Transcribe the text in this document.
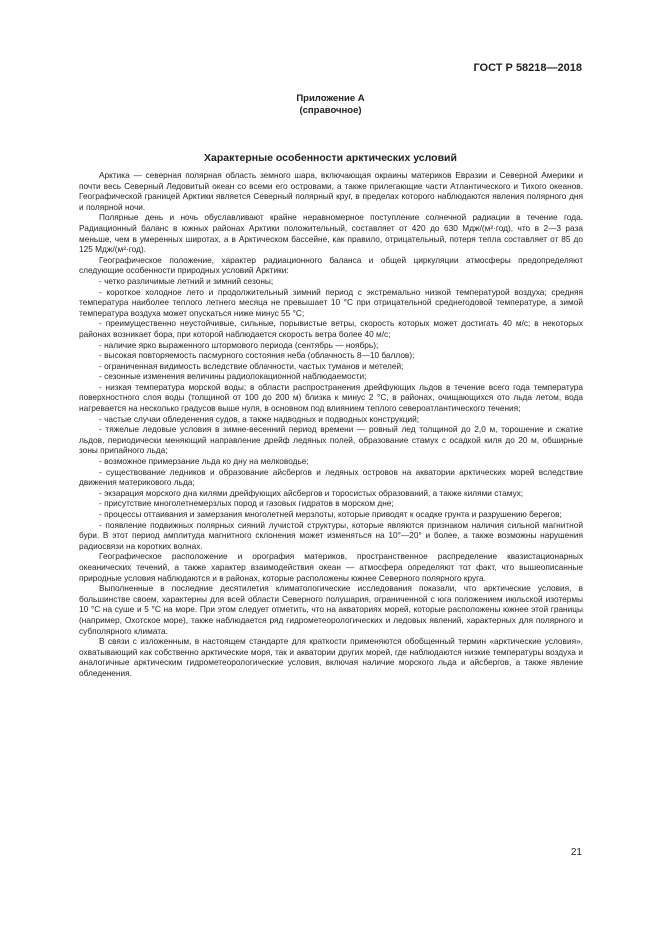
ГОСТ Р 58218—2018
Приложение А
(справочное)
Характерные особенности арктических условий

Арктика — северная полярная область земного шара, включающая окраины материков Евразии и Северной Америки и почти весь Северный Ледовитый океан со всеми его островами, а также прилегающие части Атлантического и Тихого океанов. Географической границей Арктики является Северный полярный круг, в пределах которого наблюдаются явления полярного дня и полярной ночи.

Полярные день и ночь обуславливают крайне неравномерное поступление солнечной радиации в течение года. Радиационный баланс в южных районах Арктики положительный, составляет от 420 до 630 Мдж/(м²·год), что в 2—3 раза меньше, чем в умеренных широтах, а в Арктическом бассейне, как правило, отрицательный, потеря тепла составляет от 85 до 125 Мдж/(м²·год).

Географическое положение, характер радиационного баланса и общей циркуляции атмосферы предопределяют следующие особенности природных условий Арктики:

- четко различимые летний и зимний сезоны;

- короткое холодное лето и продолжительный зимний период с экстремально низкой температурой воздуха; средняя температура наиболее теплого летнего месяца не превышает 10 °С при отрицательной среднегодовой температуре, а зимой температура воздуха может опускаться ниже минус 55 °С;

- преимущественно неустойчивые, сильные, порывистые ветры, скорость которых может достигать 40 м/с; в некоторых районах возникает бора, при которой наблюдается скорость ветра более 40 м/с;

- наличие ярко выраженного штормового периода (сентябрь — ноябрь);

- высокая повторяемость пасмурного состояния неба (облачность 8—10 баллов);

- ограниченная видимость вследствие облачности, частых туманов и метелей;

- сезонные изменения величины радиолокационной наблюдаемости;

- низкая температура морской воды; в области распространения дрейфующих льдов в течение всего года температура поверхностного слоя воды (толщиной от 100 до 200 м) близка к минус 2 °С, в районах, очищающихся ото льда летом, вода нагревается на несколько градусов выше нуля, в основном под влиянием теплого североатлантического течения;

- частые случаи обледенения судов, а также надводных и подводных конструкций;

- тяжелые ледовые условия в зимне-весенний период времени — ровный лед толщиной до 2,0 м, торошение и сжатие льдов, периодически меняющий направление дрейф ледяных полей, образование стамух с осадкой киля до 20 м, обширные зоны припайного льда;

- возможное примерзание льда ко дну на мелководье;

- существование ледников и образование айсбергов и ледяных островов на акватории арктических морей вследствие движения материкового льда;

- экзарация морского дна килями дрейфующих айсбергов и торосистых образований, а также килями стамух;

- присутствие многолетнемерзлых пород и газовых гидратов в морском дне;

- процессы оттаивания и замерзания многолетней мерзлоты, которые приводят к осадке грунта и разрушению берегов;

- появление подвижных полярных сияний лучистой структуры, которые являются признаком наличия сильной магнитной бури. В этот период амплитуда магнитного склонения может изменяться на 10°—20° и более, а также возможны нарушения радиосвязи на коротких волнах.

Географическое расположение и орография материков, пространственное распределение квазистационарных океанических течений, а также характер взаимодействия океан — атмосфера определяют тот факт, что вышеописанные природные условия наблюдаются и в районах, которые расположены южнее Северного полярного круга.

Выполненные в последние десятилетия климатологические исследования показали, что арктические условия, в большинстве своем, характерны для всей области Северного полушария, ограниченной с юга положением июльской изотермы 10 °С на суше и 5 °С на море. При этом следует отметить, что на акваториях морей, которые расположены южнее этой границы (например, Охотское море), также наблюдается ряд гидрометеорологических и ледовых явлений, характерных для полярного и субполярного климата.

В связи с изложенным, в настоящем стандарте для краткости применяются обобщенный термин «арктические условия», охватывающий как собственно арктические моря, так и акватории других морей, где наблюдаются низкие температуры воздуха и аналогичные арктическим гидрометеорологические условия, включая наличие морского льда и айсбергов, а также явление обледенения.

21
